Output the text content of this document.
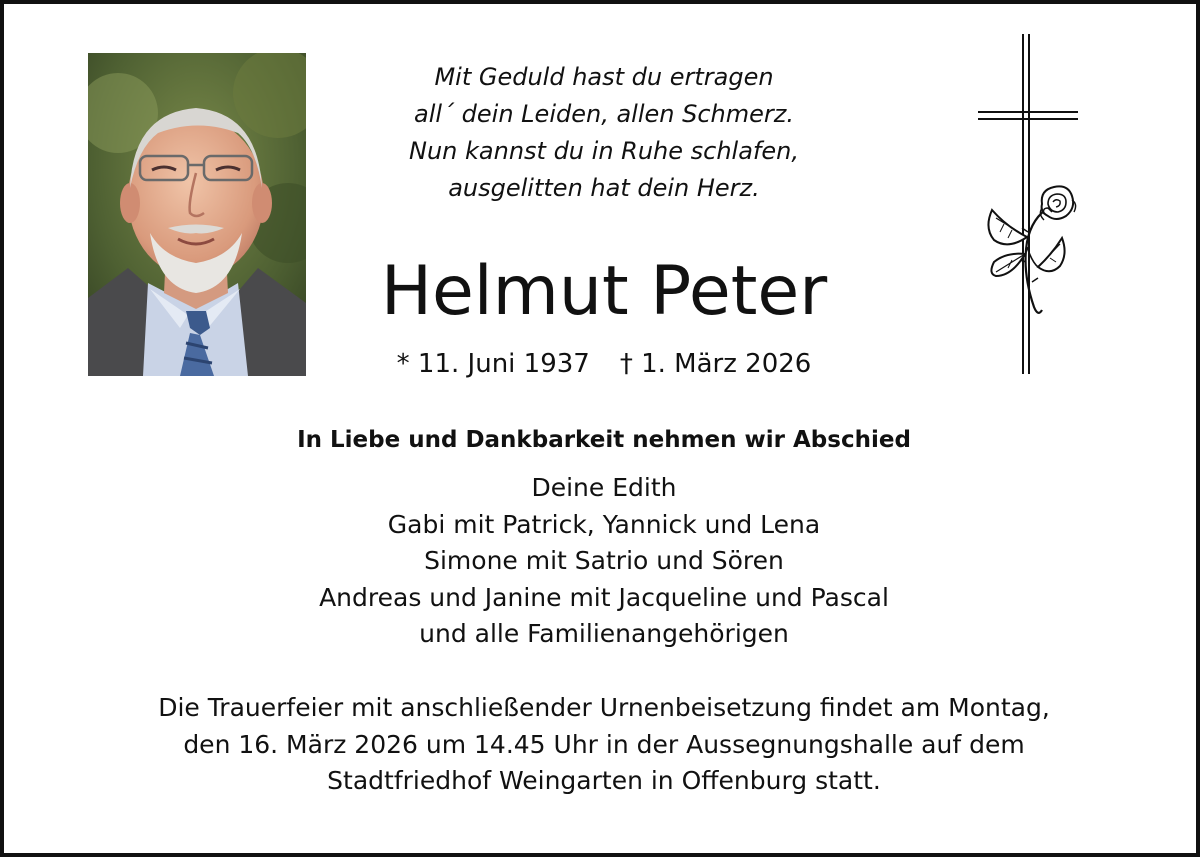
Mit Geduld hast du ertragen
all´ dein Leiden, allen Schmerz.
Nun kannst du in Ruhe schlafen,
ausgelitten hat dein Herz.
Helmut Peter
* 11. Juni 1937 † 1. März 2026
In Liebe und Dankbarkeit nehmen wir Abschied
Deine Edith
Gabi mit Patrick, Yannick und Lena
Simone mit Satrio und Sören
Andreas und Janine mit Jacqueline und Pascal
und alle Familienangehörigen
Die Trauerfeier mit anschließender Urnenbeisetzung findet am Montag,
den 16. März 2026 um 14.45 Uhr in der Aussegnungshalle auf dem
Stadtfriedhof Weingarten in Offenburg statt.
